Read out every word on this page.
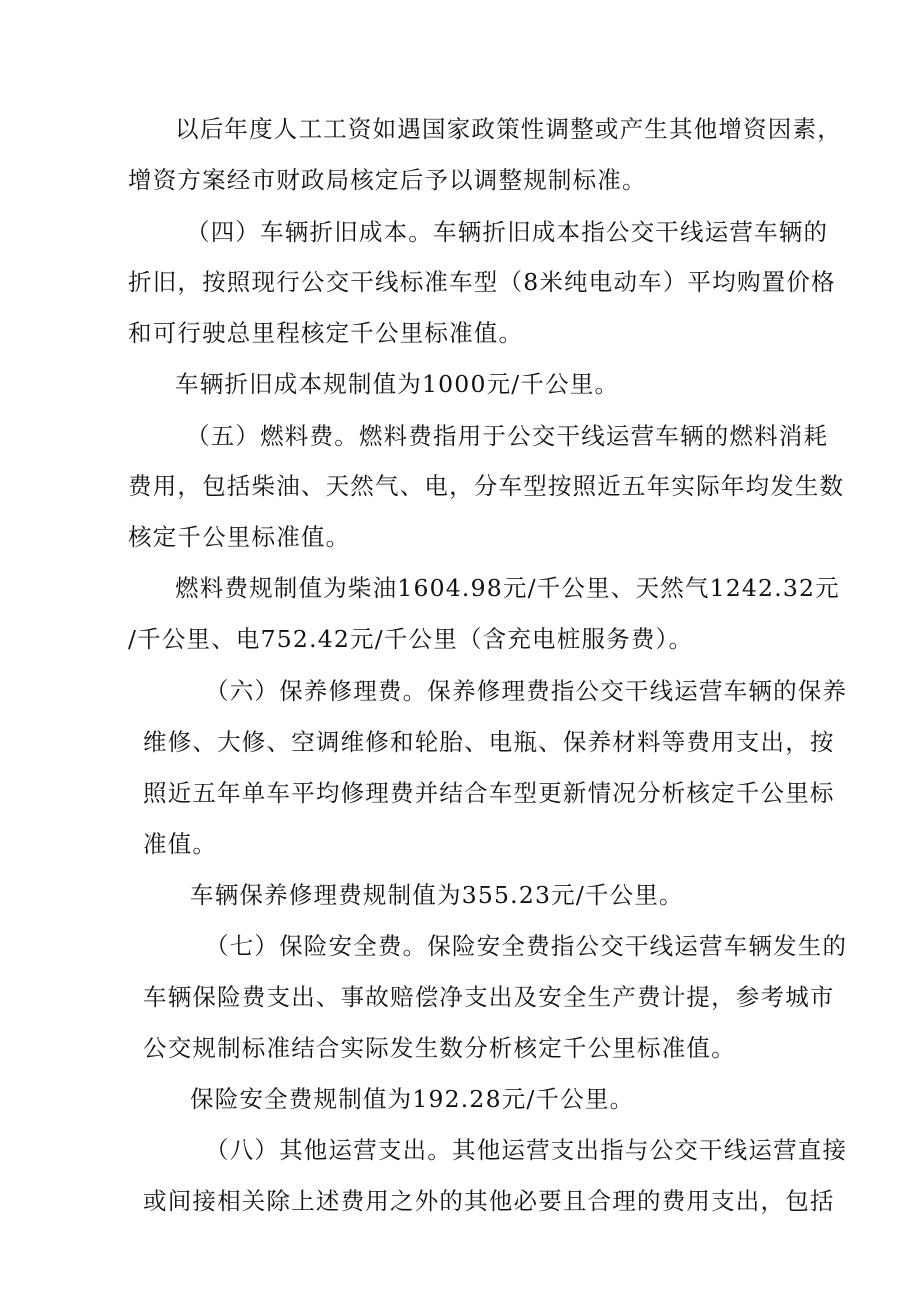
以后年度人工工资如遇国家政策性调整或产生其他增资因素，
增资方案经市财政局核定后予以调整规制标准。
（四）车辆折旧成本。车辆折旧成本指公交干线运营车辆的
折旧，按照现行公交干线标准车型（8米纯电动车）平均购置价格
和可行驶总里程核定千公里标准值。
车辆折旧成本规制值为1000元/千公里。
（五）燃料费。燃料费指用于公交干线运营车辆的燃料消耗
费用，包括柴油、天然气、电，分车型按照近五年实际年均发生数
核定千公里标准值。
燃料费规制值为柴油1604.98元/千公里、天然气1242.32元
/千公里、电752.42元/千公里（含充电桩服务费）。
（六）保养修理费。保养修理费指公交干线运营车辆的保养
维修、大修、空调维修和轮胎、电瓶、保养材料等费用支出，按
照近五年单车平均修理费并结合车型更新情况分析核定千公里标
准值。
车辆保养修理费规制值为355.23元/千公里。
（七）保险安全费。保险安全费指公交干线运营车辆发生的
车辆保险费支出、事故赔偿净支出及安全生产费计提，参考城市
公交规制标准结合实际发生数分析核定千公里标准值。
保险安全费规制值为192.28元/千公里。
（八）其他运营支出。其他运营支出指与公交干线运营直接
或间接相关除上述费用之外的其他必要且合理的费用支出，包括
